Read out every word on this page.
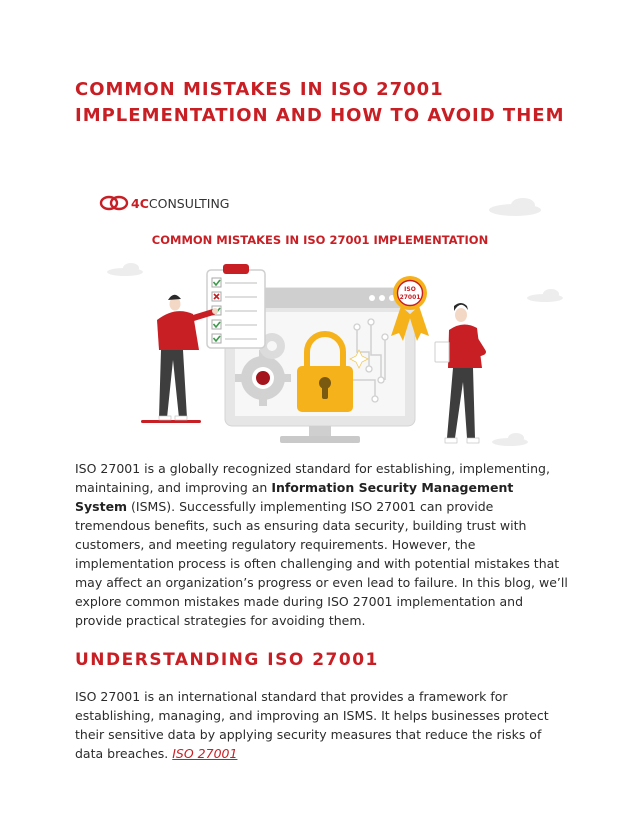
COMMON MISTAKES IN ISO 27001
IMPLEMENTATION AND HOW TO AVOID THEM
4CCONSULTING
COMMON MISTAKES IN ISO 27001 IMPLEMENTATION
ISO
27001

ISO 27001 is a globally recognized standard for establishing, implementing, maintaining, and improving an Information Security Management
System (ISMS). Successfully implementing ISO 27001 can provide tremendous benefits, such as ensuring data security, building trust with customers, and meeting regulatory requirements. However, the implementation process is often challenging and with potential mistakes that may affect an organization’s progress or even lead to failure. In this blog, we’ll explore common mistakes made during ISO 27001 implementation and provide practical strategies for avoiding them.

UNDERSTANDING ISO 27001

ISO 27001 is an international standard that provides a framework for establishing, managing, and improving an ISMS. It helps businesses protect their sensitive data by applying security measures that reduce the risks of data breaches. ISO 27001
